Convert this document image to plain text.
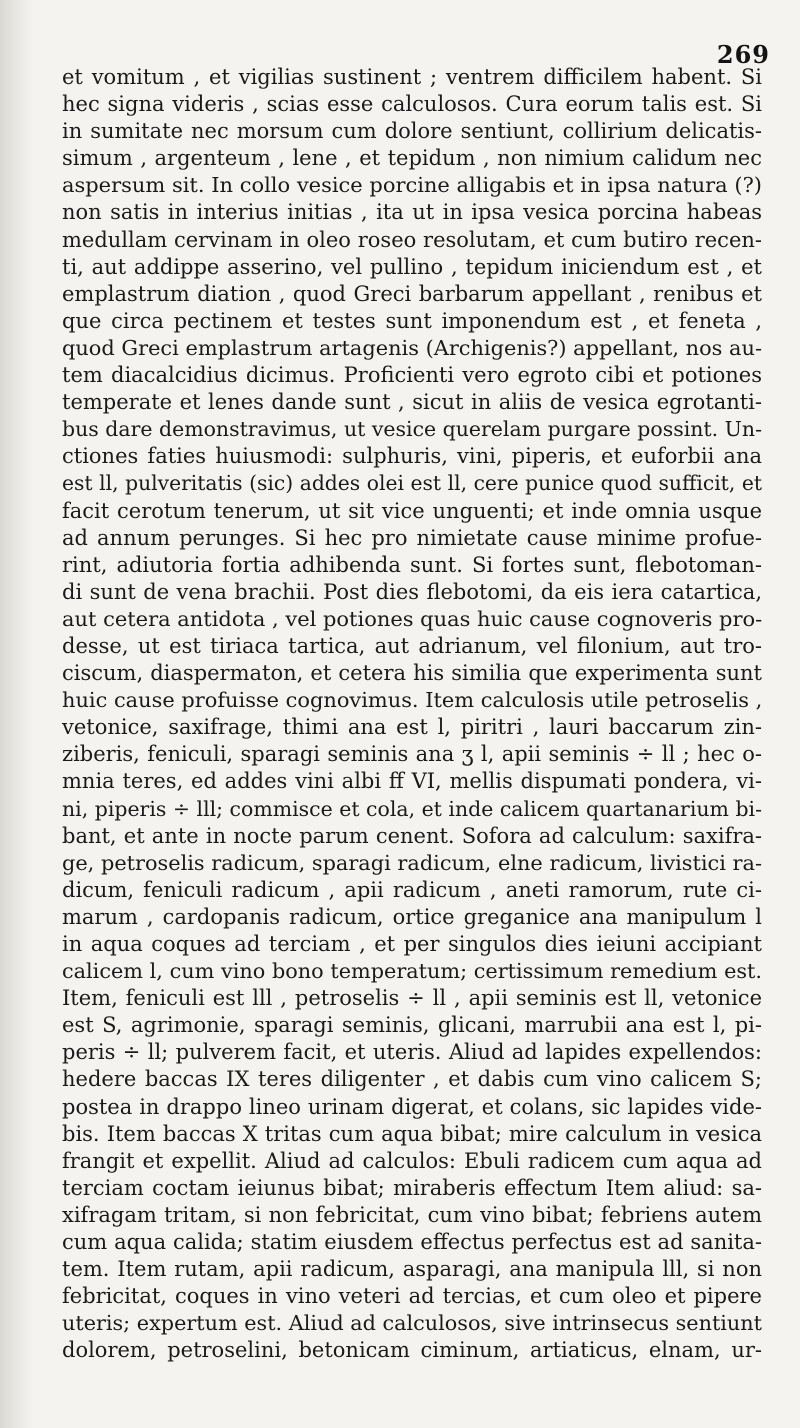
269
et vomitum , et vigilias sustinent ; ventrem difficilem habent. Si
hec signa videris , scias esse calculosos. Cura eorum talis est. Si
in sumitate nec morsum cum dolore sentiunt, collirium delicatis-
simum , argenteum , lene , et tepidum , non nimium calidum nec
aspersum sit. In collo vesice porcine alligabis et in ipsa natura (?)
non satis in interius initias , ita ut in ipsa vesica porcina habeas
medullam cervinam in oleo roseo resolutam, et cum butiro recen-
ti, aut addippe asserino, vel pullino , tepidum iniciendum est , et
emplastrum diation , quod Greci barbarum appellant , renibus et
que circa pectinem et testes sunt imponendum est , et feneta ,
quod Greci emplastrum artagenis (Archigenis?) appellant, nos au-
tem diacalcidius dicimus. Proficienti vero egroto cibi et potiones
temperate et lenes dande sunt , sicut in aliis de vesica egrotanti-
bus dare demonstravimus, ut vesice querelam purgare possint. Un-
ctiones faties huiusmodi: sulphuris, vini, piperis, et euforbii ana
est ll, pulveritatis (sic) addes olei est ll, cere punice quod sufficit, et
facit cerotum tenerum, ut sit vice unguenti; et inde omnia usque
ad annum perunges. Si hec pro nimietate cause minime profue-
rint, adiutoria fortia adhibenda sunt. Si fortes sunt, flebotoman-
di sunt de vena brachii. Post dies flebotomi, da eis iera catartica,
aut cetera antidota , vel potiones quas huic cause cognoveris pro-
desse, ut est tiriaca tartica, aut adrianum, vel filonium, aut tro-
ciscum, diaspermaton, et cetera his similia que experimenta sunt
huic cause profuisse cognovimus. Item calculosis utile petroselis ,
vetonice, saxifrage, thimi ana est l, piritri , lauri baccarum zin-
ziberis, feniculi, sparagi seminis ana ʒ l, apii seminis ÷ ll ; hec o-
mnia teres, ed addes vini albi ff VI, mellis dispumati pondera, vi-
ni, piperis ÷ lll; commisce et cola, et inde calicem quartanarium bi-
bant, et ante in nocte parum cenent. Sofora ad calculum: saxifra-
ge, petroselis radicum, sparagi radicum, elne radicum, livistici ra-
dicum, feniculi radicum , apii radicum , aneti ramorum, rute ci-
marum , cardopanis radicum, ortice greganice ana manipulum l
in aqua coques ad terciam , et per singulos dies ieiuni accipiant
calicem l, cum vino bono temperatum; certissimum remedium est.
Item, feniculi est lll , petroselis ÷ ll , apii seminis est ll, vetonice
est S, agrimonie, sparagi seminis, glicani, marrubii ana est l, pi-
peris ÷ ll; pulverem facit, et uteris. Aliud ad lapides expellendos:
hedere baccas IX teres diligenter , et dabis cum vino calicem S;
postea in drappo lineo urinam digerat, et colans, sic lapides vide-
bis. Item baccas X tritas cum aqua bibat; mire calculum in vesica
frangit et expellit. Aliud ad calculos: Ebuli radicem cum aqua ad
terciam coctam ieiunus bibat; miraberis effectum Item aliud: sa-
xifragam tritam, si non febricitat, cum vino bibat; febriens autem
cum aqua calida; statim eiusdem effectus perfectus est ad sanita-
tem. Item rutam, apii radicum, asparagi, ana manipula lll, si non
febricitat, coques in vino veteri ad tercias, et cum oleo et pipere
uteris; expertum est. Aliud ad calculosos, sive intrinsecus sentiunt
dolorem, petroselini, betonicam ciminum, artiaticus, elnam, ur-
